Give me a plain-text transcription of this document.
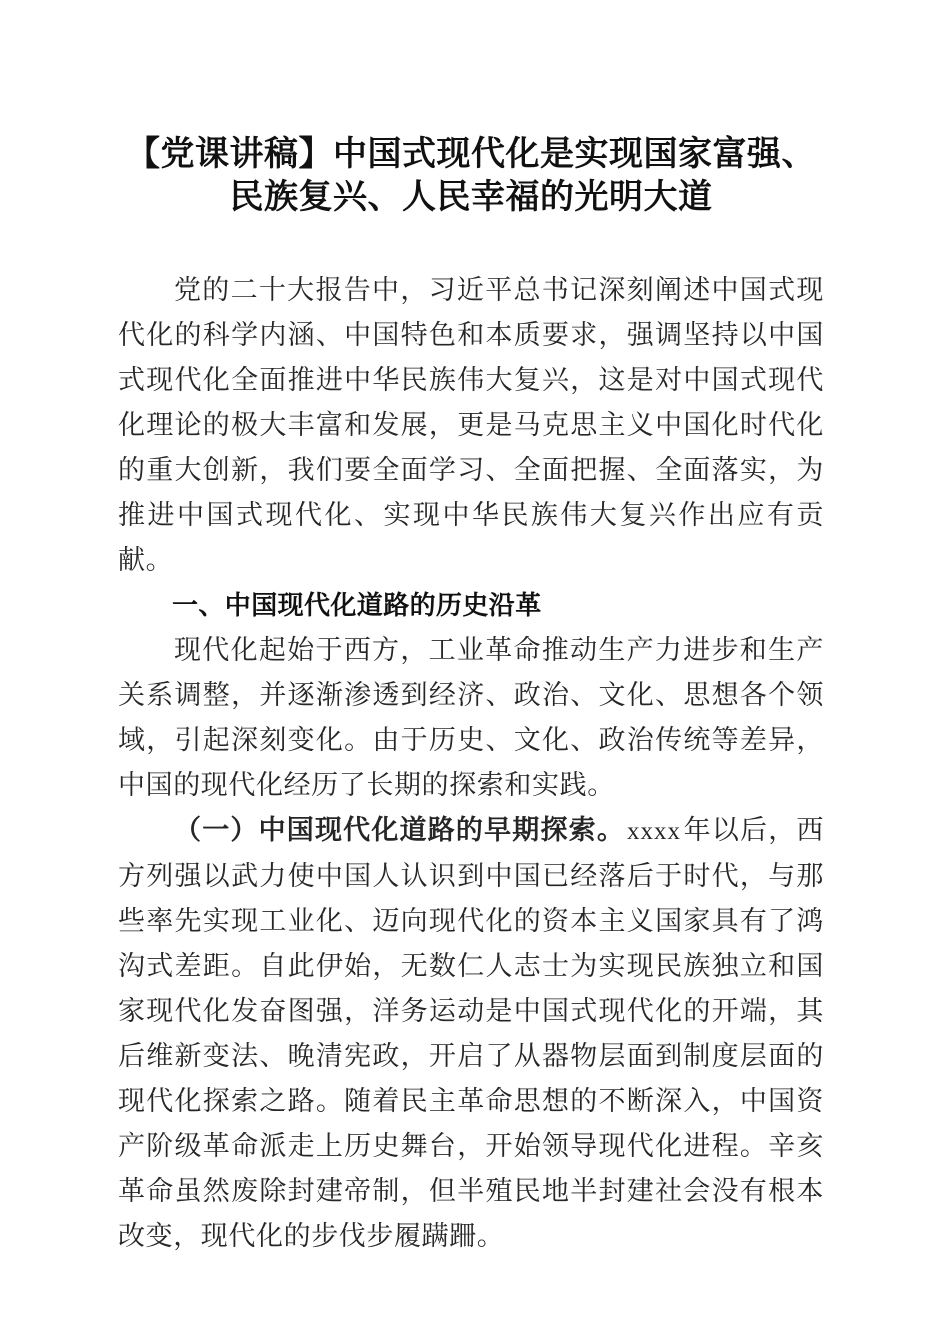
【党课讲稿】中国式现代化是实现国家富强、
民族复兴、人民幸福的光明大道

党的二十大报告中，习近平总书记深刻阐述中国式现代化的科学内涵、中国特色和本质要求，强调坚持以中国式现代化全面推进中华民族伟大复兴，这是对中国式现代化理论的极大丰富和发展，更是马克思主义中国化时代化的重大创新，我们要全面学习、全面把握、全面落实，为推进中国式现代化、实现中华民族伟大复兴作出应有贡献。

一、中国现代化道路的历史沿革

现代化起始于西方，工业革命推动生产力进步和生产关系调整，并逐渐渗透到经济、政治、文化、思想各个领域，引起深刻变化。由于历史、文化、政治传统等差异，中国的现代化经历了长期的探索和实践。

（一）中国现代化道路的早期探索。xxxx年以后，西方列强以武力使中国人认识到中国已经落后于时代，与那些率先实现工业化、迈向现代化的资本主义国家具有了鸿沟式差距。自此伊始，无数仁人志士为实现民族独立和国家现代化发奋图强，洋务运动是中国式现代化的开端，其后维新变法、晚清宪政，开启了从器物层面到制度层面的现代化探索之路。随着民主革命思想的不断深入，中国资产阶级革命派走上历史舞台，开始领导现代化进程。辛亥革命虽然废除封建帝制，但半殖民地半封建社会没有根本改变，现代化的步伐步履蹒跚。
